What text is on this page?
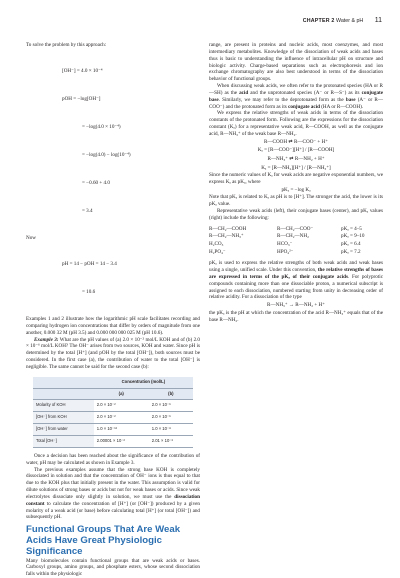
CHAPTER 2 Water & pH 11

To solve the problem by this approach:

[OH⁻] = 4.0 × 10⁻⁴

pOH = −log[OH⁻]

= −log(4.0 × 10⁻⁴)

= −log(4.0) − log(10⁻⁴)

= −0.60 + 4.0

= 3.4

Now

pH = 14 − pOH = 14 − 3.4

= 10.6

Examples 1 and 2 illustrate how the logarithmic pH scale facilitates recording and comparing hydrogen ion concentrations that differ by orders of magnitude from one another, 0.000 32 M (pH 3.5) and 0.000 000 000 025 M (pH 10.6).

Example 3: What are the pH values of (a) 2.0 × 10⁻² mol/L KOH and of (b) 2.0 × 10⁻⁶ mol/L KOH? The OH⁻ arises from two sources, KOH and water. Since pH is determined by the total [H⁺] (and pOH by the total [OH⁻]), both sources must be considered. In the first case (a), the contribution of water to the total [OH⁻] is negligible. The same cannot be said for the second case (b):

	Concentration (mol/L)	
	(a)	(b)
Molarity of KOH	2.0 × 10⁻²	2.0 × 10⁻⁶
[OH⁻] from KOH	2.0 × 10⁻²	2.0 × 10⁻⁶
[OH⁻] from water	1.0 × 10⁻¹²	1.0 × 10⁻⁸
Total [OH⁻]	2.00001 × 10⁻²	2.01 × 10⁻⁶

Once a decision has been reached about the significance of the contribution of water, pH may be calculated as shown in Example 3.

The previous examples assume that the strong base KOH is completely dissociated in solution and that the concentration of OH⁻ ions is thus equal to that due to the KOH plus that initially present in the water. This assumption is valid for dilute solutions of strong bases or acids but not for weak bases or acids. Since weak electrolytes dissociate only slightly in solution, we must use the dissociation constant to calculate the concentration of [H⁺] (or [OH⁻]) produced by a given molarity of a weak acid (or base) before calculating total [H⁺] (or total [OH⁻]) and subsequently pH.

Functional Groups That Are Weak Acids Have Great Physiologic Significance

Many biomolecules contain functional groups that are weak acids or bases. Carboxyl groups, amino groups, and phosphate esters, whose second dissociation falls within the physiologic

range, are present in proteins and nucleic acids, most coenzymes, and most intermediary metabolites. Knowledge of the dissociation of weak acids and bases thus is basic to understanding the influence of intracellular pH on structure and biologic activity. Charge-based separations such as electrophoresis and ion exchange chromatography are also best understood in terms of the dissociation behavior of functional groups.

When discussing weak acids, we often refer to the protonated species (HA or R—SH) as the acid and the unprotonated species (A⁻ or R—S⁻) as its conjugate base. Similarly, we may refer to the deprotonated form as the base (A⁻ or R—COO⁻) and the protonated form as its conjugate acid (HA or R—COOH).

We express the relative strengths of weak acids in terms of the dissociation constants of the protonated form. Following are the expressions for the dissociation constant (Kₐ) for a representative weak acid, R—COOH, as well as the conjugate acid, R—NH₃⁺ of the weak base R—NH₂.

R—COOH ⇄ R—COO⁻ + H⁺
Kₐ = [R—COO⁻][H⁺] / [R—COOH]
R—NH₃⁺ ⇄ R—NH₂ + H⁺
Kₐ = [R—NH₂][H⁺] / [R—NH₃⁺]

Since the numeric values of Kₐ for weak acids are negative exponential numbers, we express Kₐ as pKₐ, where

pKₐ = −log Kₐ

Note that pKₐ is related to Kₐ as pH is to [H⁺]. The stronger the acid, the lower is its pKₐ value.

Representative weak acids (left), their conjugate bases (center), and pKₐ values (right) include the following:

R—CH₂—COOH	R—CH₂—COO⁻	pKₐ = 4–5
R—CH₂—NH₃⁺	R—CH₂—NH₂	pKₐ = 9–10
H₂CO₃	HCO₃⁻	pKₐ = 6.4
H₂PO₄⁻	HPO₄²⁻	pKₐ = 7.2

pKₐ is used to express the relative strengths of both weak acids and weak bases using a single, unified scale. Under this convention, the relative strengths of bases are expressed in terms of the pKₐ of their conjugate acids. For polyprotic compounds containing more than one dissociable proton, a numerical subscript is assigned to each dissociation, numbered starting from unity in decreasing order of relative acidity. For a dissociation of the type

R—NH₃⁺ → R—NH₂ + H⁺

the pKₐ is the pH at which the concentration of the acid R—NH₃⁺ equals that of the base R—NH₂.
